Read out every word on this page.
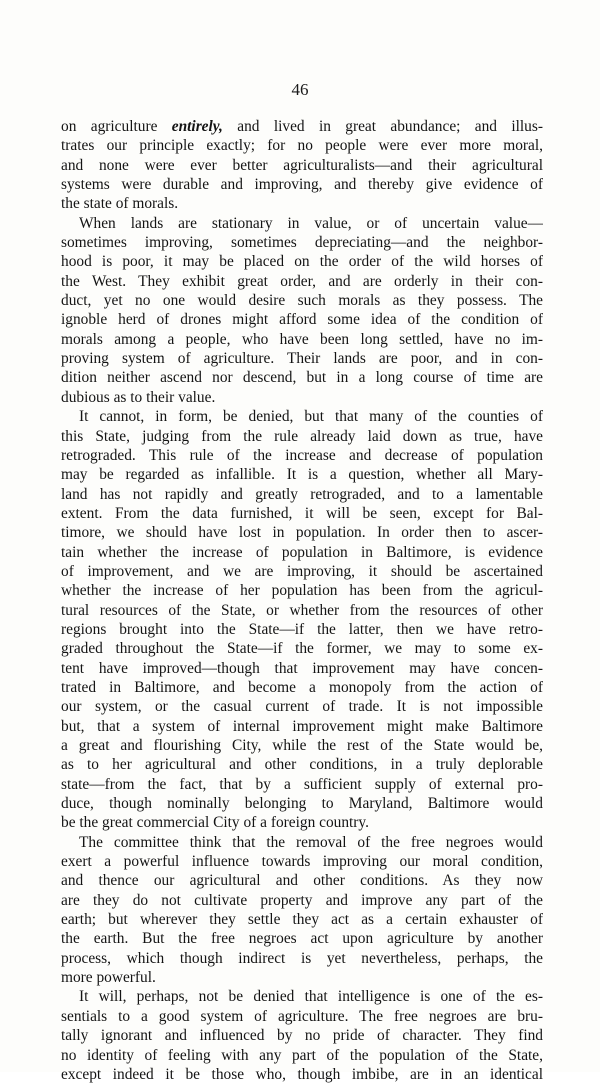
46
on agriculture entirely, and lived in great abundance; and illus-
trates our principle exactly; for no people were ever more moral,
and none were ever better agriculturalists—and their agricultural
systems were durable and improving, and thereby give evidence of
the state of morals.
When lands are stationary in value, or of uncertain value—
sometimes improving, sometimes depreciating—and the neighbor-
hood is poor, it may be placed on the order of the wild horses of
the West. They exhibit great order, and are orderly in their con-
duct, yet no one would desire such morals as they possess. The
ignoble herd of drones might afford some idea of the condition of
morals among a people, who have been long settled, have no im-
proving system of agriculture. Their lands are poor, and in con-
dition neither ascend nor descend, but in a long course of time are
dubious as to their value.
It cannot, in form, be denied, but that many of the counties of
this State, judging from the rule already laid down as true, have
retrograded. This rule of the increase and decrease of population
may be regarded as infallible. It is a question, whether all Mary-
land has not rapidly and greatly retrograded, and to a lamentable
extent. From the data furnished, it will be seen, except for Bal-
timore, we should have lost in population. In order then to ascer-
tain whether the increase of population in Baltimore, is evidence
of improvement, and we are improving, it should be ascertained
whether the increase of her population has been from the agricul-
tural resources of the State, or whether from the resources of other
regions brought into the State—if the latter, then we have retro-
graded throughout the State—if the former, we may to some ex-
tent have improved—though that improvement may have concen-
trated in Baltimore, and become a monopoly from the action of
our system, or the casual current of trade. It is not impossible
but, that a system of internal improvement might make Baltimore
a great and flourishing City, while the rest of the State would be,
as to her agricultural and other conditions, in a truly deplorable
state—from the fact, that by a sufficient supply of external pro-
duce, though nominally belonging to Maryland, Baltimore would
be the great commercial City of a foreign country.
The committee think that the removal of the free negroes would
exert a powerful influence towards improving our moral condition,
and thence our agricultural and other conditions. As they now
are they do not cultivate property and improve any part of the
earth; but wherever they settle they act as a certain exhauster of
the earth. But the free negroes act upon agriculture by another
process, which though indirect is yet nevertheless, perhaps, the
more powerful.
It will, perhaps, not be denied that intelligence is one of the es-
sentials to a good system of agriculture. The free negroes are bru-
tally ignorant and influenced by no pride of character. They find
no identity of feeling with any part of the population of the State,
except indeed it be those who, though imbibe, are in an identical
